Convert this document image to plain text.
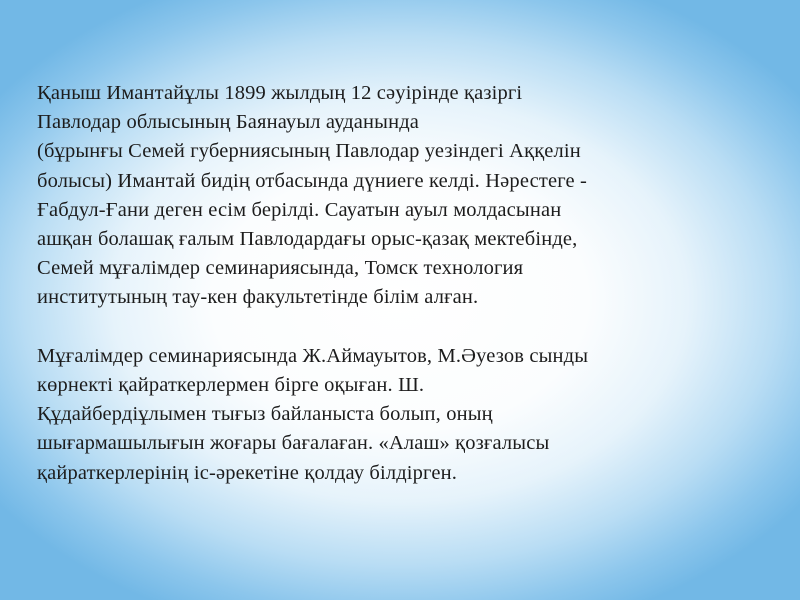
Қаныш Имантайұлы 1899 жылдың 12 сәуірінде қазіргі
Павлодар облысының Баянауыл ауданында
(бұрынғы Семей губерниясының Павлодар уезіндегі Аққелін
болысы) Имантай бидің отбасында дүниеге келді. Нәрестеге -
Ғабдул-Ғани деген есім берілді. Сауатын ауыл молдасынан
ашқан болашақ ғалым Павлодардағы орыс-қазақ мектебінде,
Семей мұғалімдер семинариясында, Томск технология
институтының тау-кен факультетінде білім алған.
Мұғалімдер семинариясында Ж.Аймауытов, М.Әуезов сынды
көрнекті қайраткерлермен бірге оқыған. Ш.
Құдайбердіұлымен тығыз байланыста болып, оның
шығармашылығын жоғары бағалаған. «Алаш» қозғалысы
қайраткерлерінің іс-әрекетіне қолдау білдірген.
